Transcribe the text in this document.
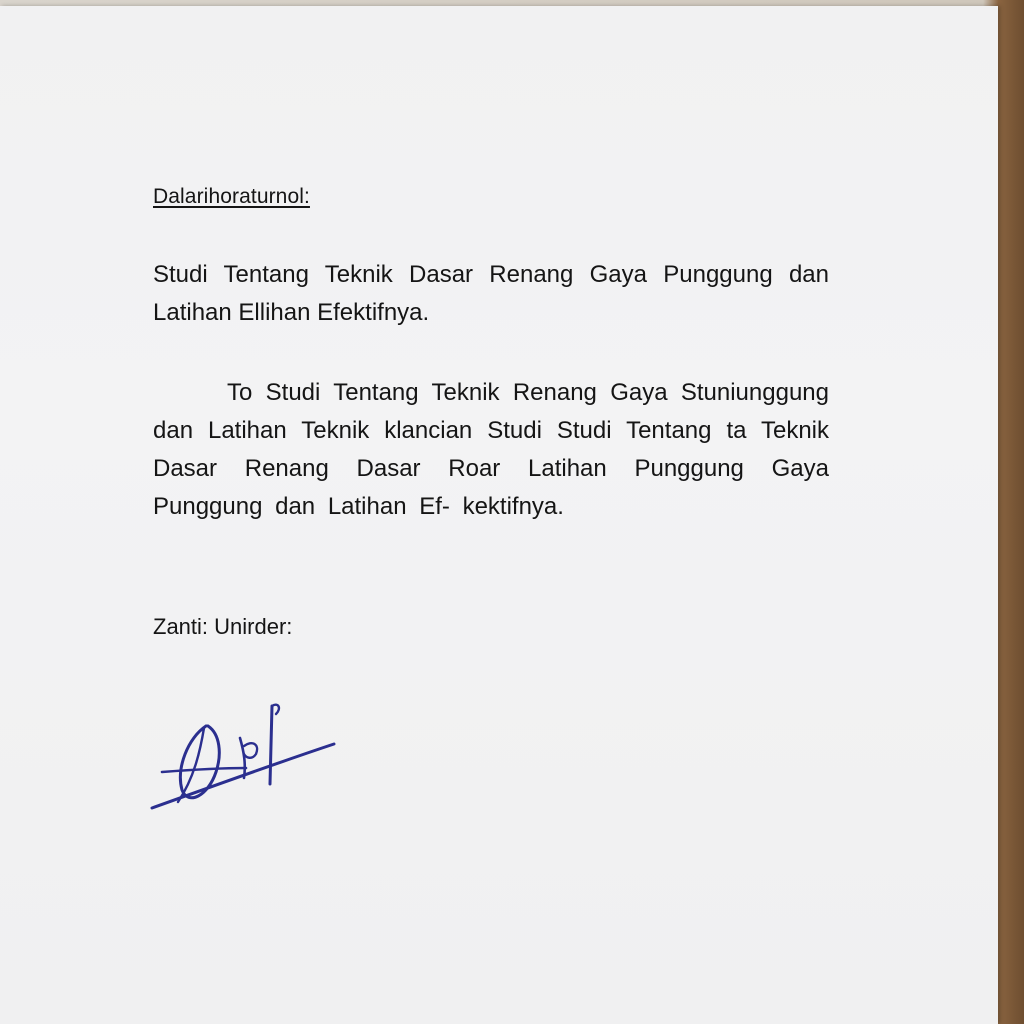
Dalarihoraturnol:

Studi Tentang Teknik Dasar Renang Gaya Punggung dan Latihan Ellihan Efektifnya.

To Studi Tentang Teknik Renang Gaya Stuniunggung dan Latihan Teknik klancian Studi Studi Tentang ta Teknik Dasar Renang Dasar Roar Latihan Punggung Gaya Punggung dan Latihan Ef- kektifnya.

Zanti: Unirder:
